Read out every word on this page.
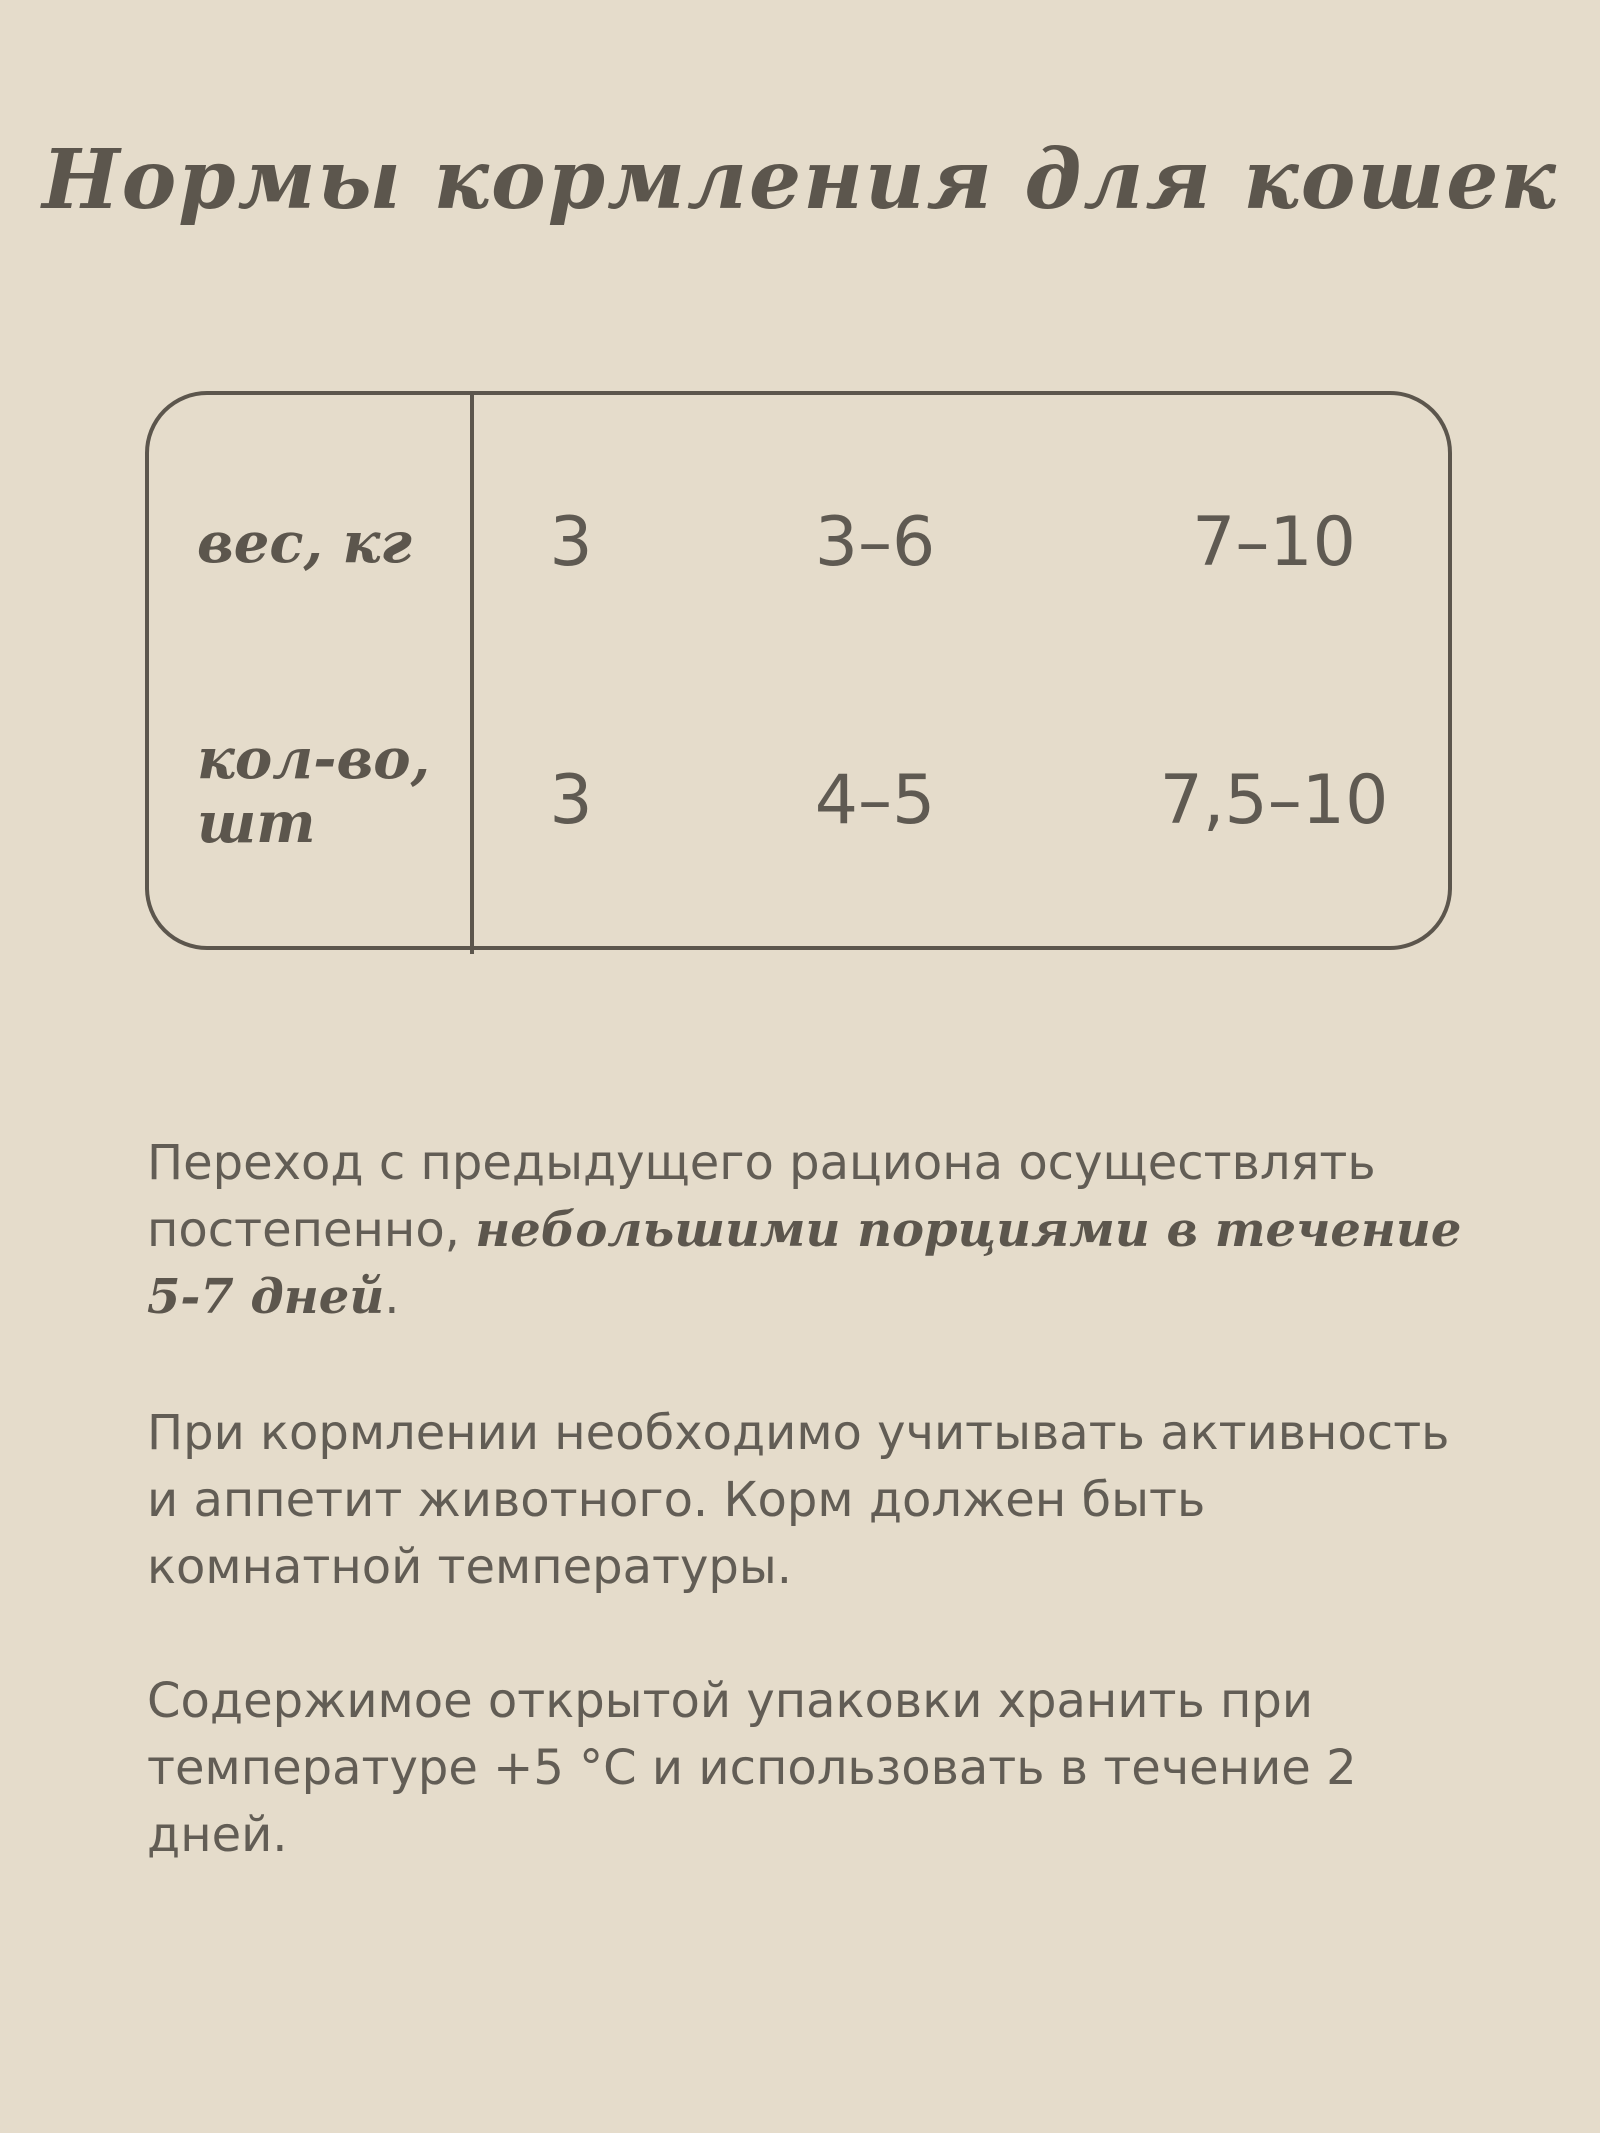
Нормы кормления для кошек
вес, кг	3	3–6	7–10
кол-во,
шт	3	4–5	7,5–10

Переход с предыдущего рациона осуществлять постепенно, небольшими порциями в течение 5-7 дней.

При кормлении необходимо учитывать активность и аппетит животного. Корм должен быть комнатной температуры.

Содержимое открытой упаковки хранить при температуре +5 °С и использовать в течение 2 дней.
